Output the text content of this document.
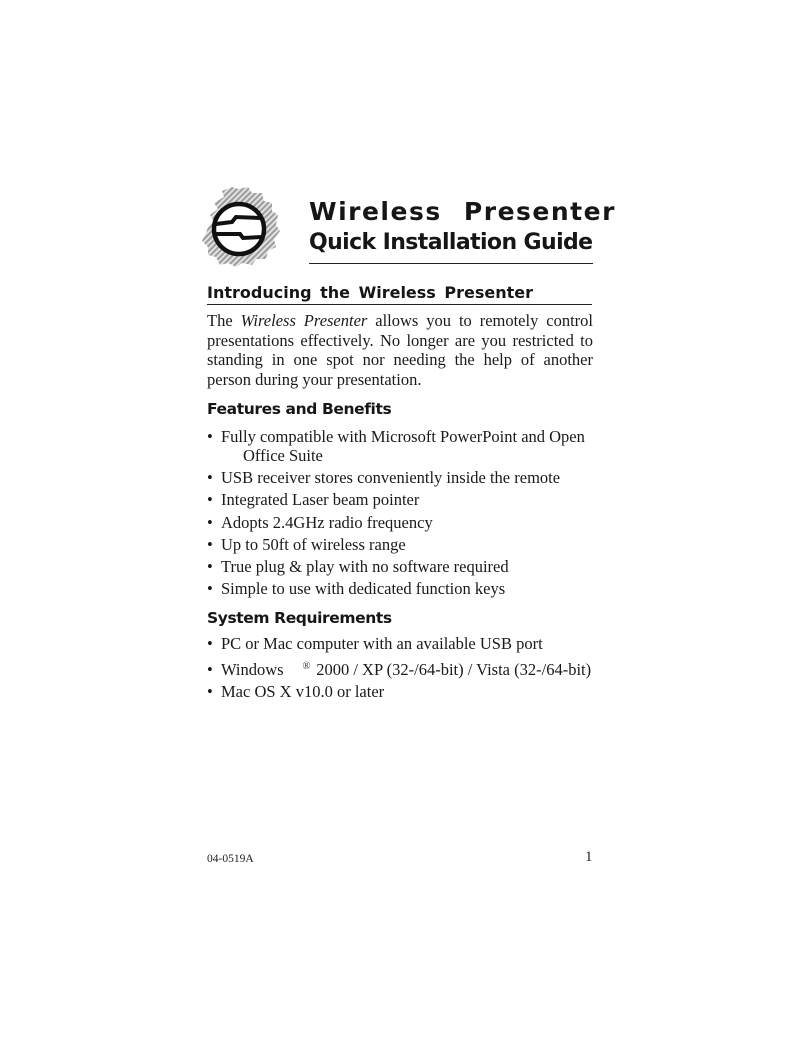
Wireless Presenter
Quick Installation Guide
Introducing the Wireless Presenter

The Wireless Presenter allows you to remotely control presentations effectively. No longer are you restricted to standing in one spot nor needing the help of another person during your presentation.

Features and Benefits
• Fully compatible with Microsoft PowerPoint and Open Office Suite
• USB receiver stores conveniently inside the remote
• Integrated Laser beam pointer
• Adopts 2.4GHz radio frequency
• Up to 50ft of wireless range
• True plug & play with no software required
• Simple to use with dedicated function keys
System Requirements
• PC or Mac computer with an available USB port
• Windows ® 2000 / XP (32-/64-bit) / Vista (32-/64-bit)
• Mac OS X v10.0 or later
04-0519A	1
